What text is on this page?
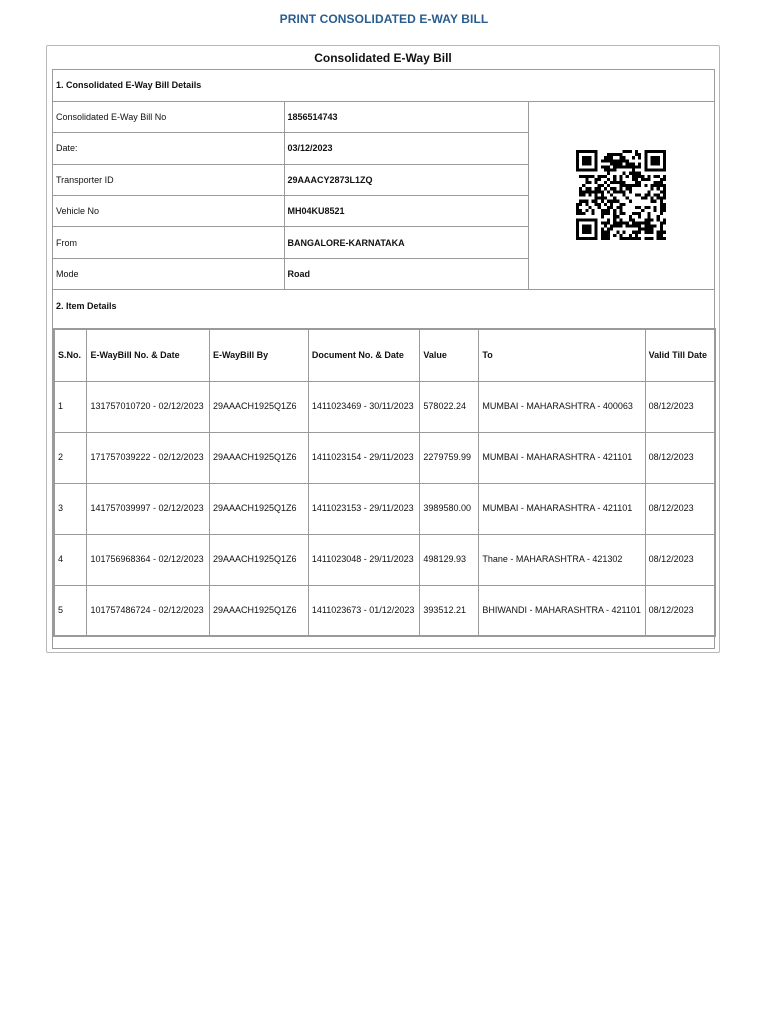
PRINT CONSOLIDATED E-WAY BILL
Consolidated E-Way Bill
1. Consolidated E-Way Bill Details		
Consolidated E-Way Bill No	1856514743	
Date:	03/12/2023	
Transporter ID	29AAACY2873L1ZQ	
Vehicle No	MH04KU8521	
From	BANGALORE-KARNATAKA	
Mode	Road	
2. Item Details		
S.No.	E-WayBill No. & Date	E-WayBill By	Document No. & Date	Value	To	Valid Till Date
1	131757010720 - 02/12/2023	29AAACH1925Q1Z6	1411023469 - 30/11/2023	578022.24	MUMBAI - MAHARASHTRA - 400063	08/12/2023
2	171757039222 - 02/12/2023	29AAACH1925Q1Z6	1411023154 - 29/11/2023	2279759.99	MUMBAI - MAHARASHTRA - 421101	08/12/2023
3	141757039997 - 02/12/2023	29AAACH1925Q1Z6	1411023153 - 29/11/2023	3989580.00	MUMBAI - MAHARASHTRA - 421101	08/12/2023
4	101756968364 - 02/12/2023	29AAACH1925Q1Z6	1411023048 - 29/11/2023	498129.93	Thane - MAHARASHTRA - 421302	08/12/2023
5	101757486724 - 02/12/2023	29AAACH1925Q1Z6	1411023673 - 01/12/2023	393512.21	BHIWANDI - MAHARASHTRA - 421101	08/12/2023
